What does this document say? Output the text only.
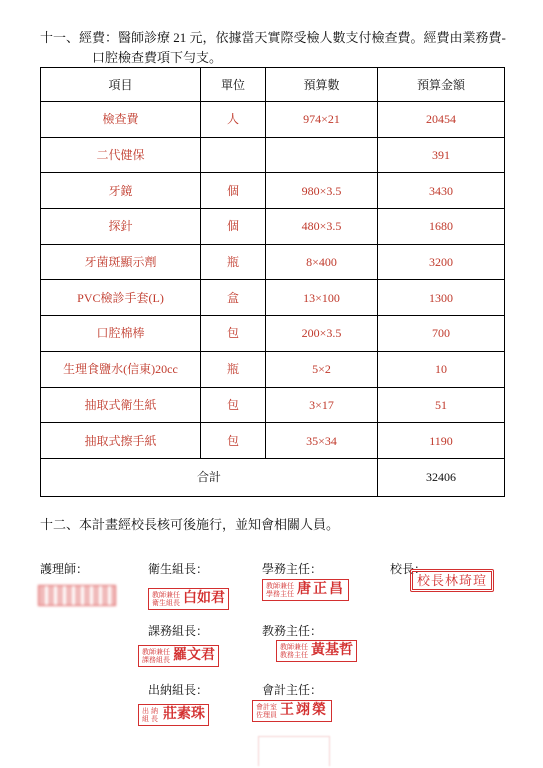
十一、經費：醫師診療 21 元，依據當天實際受檢人數支付檢查費。經費由業務費-
口腔檢查費項下勻支。
項目	單位	預算數	預算金額
檢查費	人	974×21	20454
二代健保			391
牙鏡	個	980×3.5	3430
探針	個	480×3.5	1680
牙菌斑顯示劑	瓶	8×400	3200
PVC檢診手套(L)	盒	13×100	1300
口腔棉棒	包	200×3.5	700
生理食鹽水(信東)20cc	瓶	5×2	10
抽取式衛生紙	包	3×17	51
抽取式擦手紙	包	35×34	1190
合計			32406
十二、本計畫經校長核可後施行，並知會相關人員。
護理師：	衛生組長：	學務主任：	校長：
課務組長：	教務主任：
出納組長：	會計主任：
教師兼任
衛生組長 白如君
教師兼任
學務主任 唐正昌
校長林琦瑄
教師兼任
課務組長 羅文君
教師兼任
教務主任 黃基哲
出納
組長 莊素珠	會計室
佐理員 王翊榮
